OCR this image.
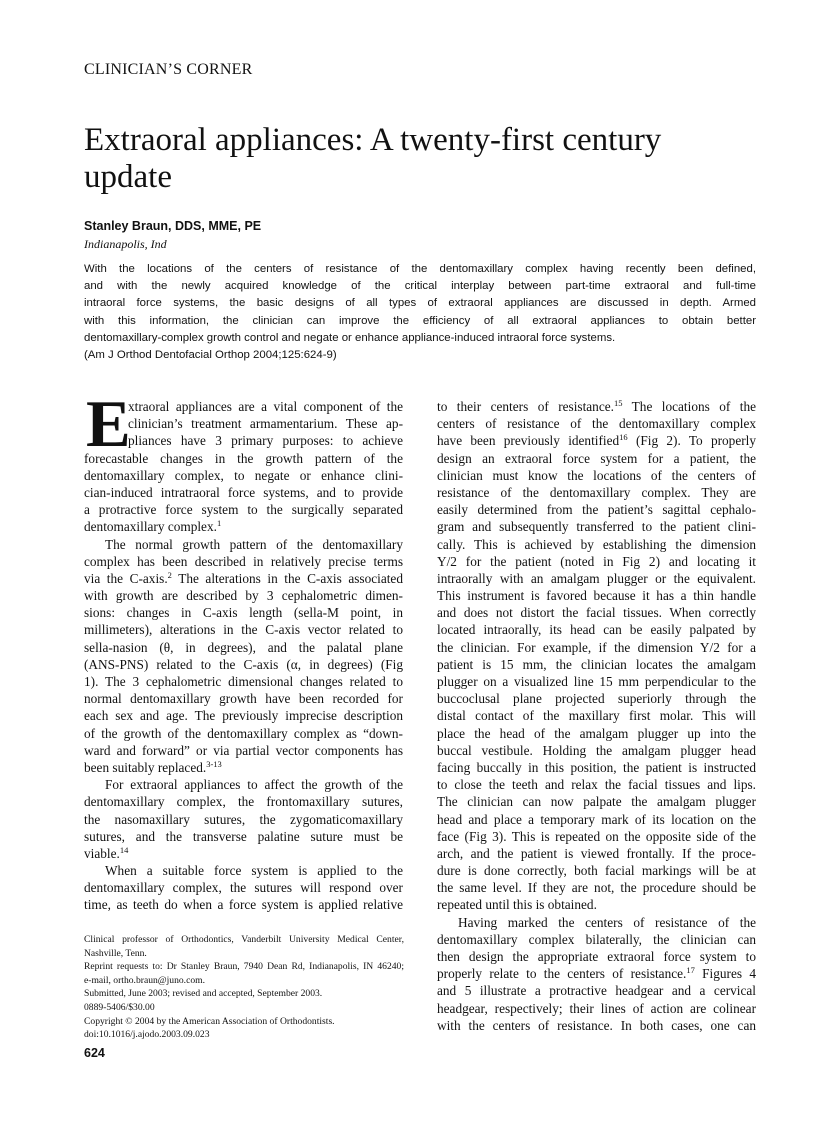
CLINICIAN’S CORNER
Extraoral appliances: A twenty-first century
update
Stanley Braun, DDS, MME, PE
Indianapolis, Ind
With the locations of the centers of resistance of the dentomaxillary complex having recently been defined,
and with the newly acquired knowledge of the critical interplay between part-time extraoral and full-time
intraoral force systems, the basic designs of all types of extraoral appliances are discussed in depth. Armed
with this information, the clinician can improve the efficiency of all extraoral appliances to obtain better
dentomaxillary-complex growth control and negate or enhance appliance-induced intraoral force systems.
(Am J Orthod Dentofacial Orthop 2004;125:624-9)
E
xtraoral appliances are a vital component of the
clinician’s treatment armamentarium. These ap-
pliances have 3 primary purposes: to achieve
forecastable changes in the growth pattern of the
dentomaxillary complex, to negate or enhance clini-
cian-induced intratraoral force systems, and to provide
a protractive force system to the surgically separated
dentomaxillary complex.$^1$
The normal growth pattern of the dentomaxillary
complex has been described in relatively precise terms
via the C-axis.$^2$ The alterations in the C-axis associated
with growth are described by 3 cephalometric dimen-
sions: changes in C-axis length (sella-M point, in
millimeters), alterations in the C-axis vector related to
sella-nasion (θ, in degrees), and the palatal plane
(ANS-PNS) related to the C-axis (α, in degrees) (Fig
1). The 3 cephalometric dimensional changes related to
normal dentomaxillary growth have been recorded for
each sex and age. The previously imprecise description
of the growth of the dentomaxillary complex as “down-
ward and forward” or via partial vector components has
been suitably replaced.$^{3-13}$
For extraoral appliances to affect the growth of the
dentomaxillary complex, the frontomaxillary sutures,
the nasomaxillary sutures, the zygomaticomaxillary
sutures, and the transverse palatine suture must be
viable.$^{14}$
When a suitable force system is applied to the
dentomaxillary complex, the sutures will respond over
time, as teeth do when a force system is applied relative
to their centers of resistance.$^{15}$ The locations of the
centers of resistance of the dentomaxillary complex
have been previously identified$^{16}$ (Fig 2). To properly
design an extraoral force system for a patient, the
clinician must know the locations of the centers of
resistance of the dentomaxillary complex. They are
easily determined from the patient’s sagittal cephalo-
gram and subsequently transferred to the patient clini-
cally. This is achieved by establishing the dimension
Y/2 for the patient (noted in Fig 2) and locating it
intraorally with an amalgam plugger or the equivalent.
This instrument is favored because it has a thin handle
and does not distort the facial tissues. When correctly
located intraorally, its head can be easily palpated by
the clinician. For example, if the dimension Y/2 for a
patient is 15 mm, the clinician locates the amalgam
plugger on a visualized line 15 mm perpendicular to the
buccoclusal plane projected superiorly through the
distal contact of the maxillary first molar. This will
place the head of the amalgam plugger up into the
buccal vestibule. Holding the amalgam plugger head
facing buccally in this position, the patient is instructed
to close the teeth and relax the facial tissues and lips.
The clinician can now palpate the amalgam plugger
head and place a temporary mark of its location on the
face (Fig 3). This is repeated on the opposite side of the
arch, and the patient is viewed frontally. If the proce-
dure is done correctly, both facial markings will be at
the same level. If they are not, the procedure should be
repeated until this is obtained.
Having marked the centers of resistance of the
dentomaxillary complex bilaterally, the clinician can
then design the appropriate extraoral force system to
properly relate to the centers of resistance.$^{17}$ Figures 4
and 5 illustrate a protractive headgear and a cervical
headgear, respectively; their lines of action are colinear
with the centers of resistance. In both cases, one can
Clinical professor of Orthodontics, Vanderbilt University Medical Center,
Nashville, Tenn.
Reprint requests to: Dr Stanley Braun, 7940 Dean Rd, Indianapolis, IN 46240;
e-mail, ortho.braun@juno.com.
Submitted, June 2003; revised and accepted, September 2003.
0889-5406/$30.00
Copyright © 2004 by the American Association of Orthodontists.
doi:10.1016/j.ajodo.2003.09.023
624
